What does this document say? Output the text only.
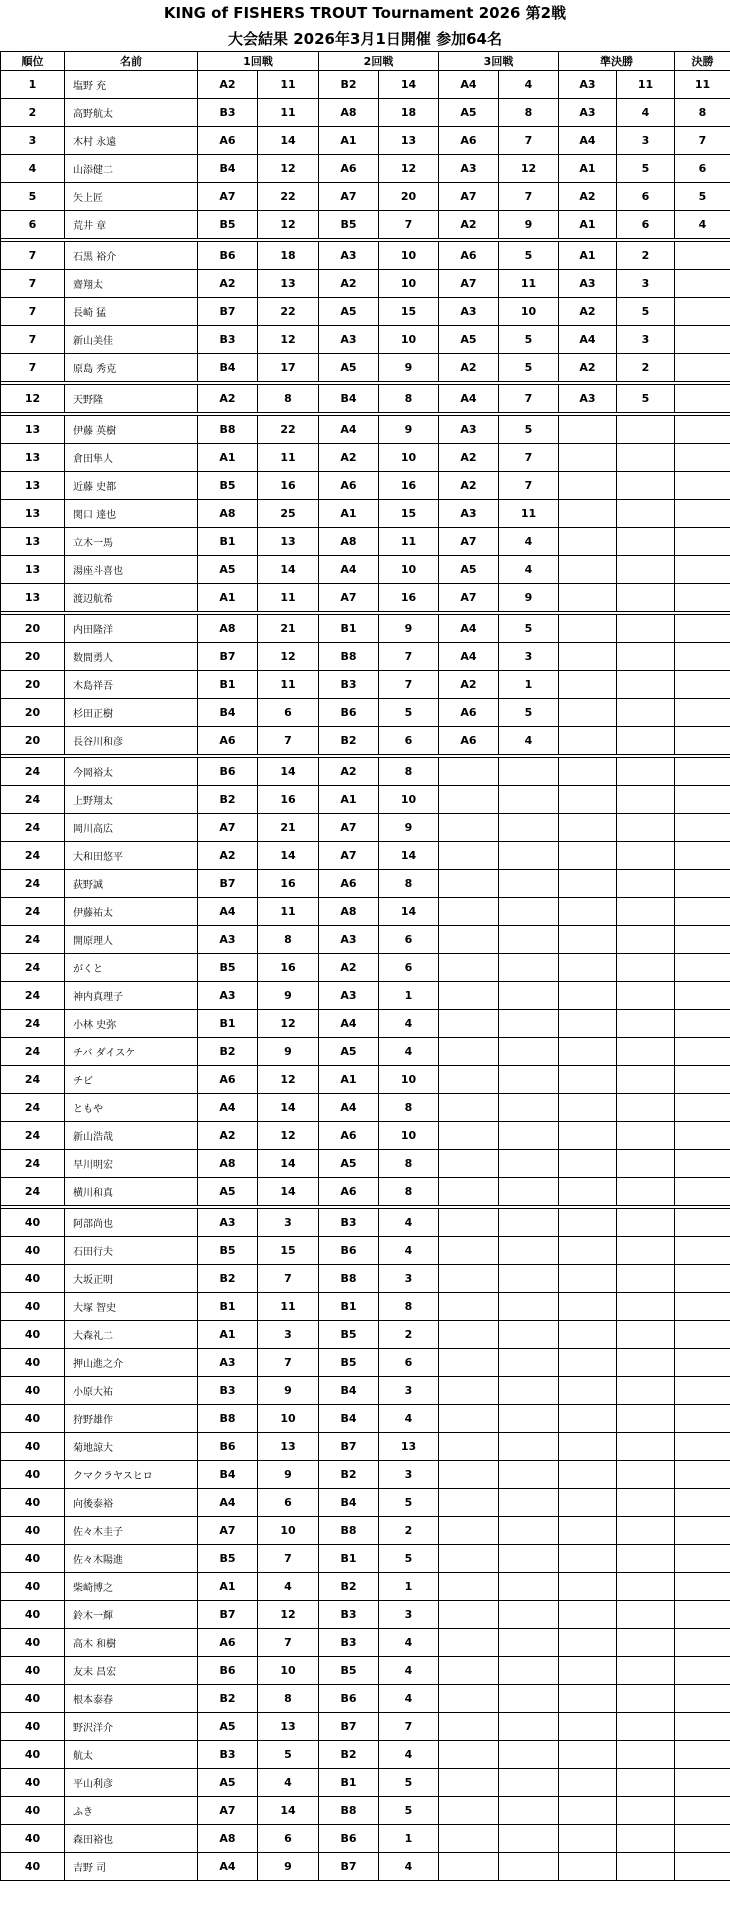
KING of FISHERS TROUT Tournament 2026 第2戦
大会結果 2026年3月1日開催 参加64名
順位	名前	1回戦		2回戦		3回戦		準決勝		決勝
1	塩野 充	A2	11	B2	14	A4	4	A3	11	11
2	高野航太	B3	11	A8	18	A5	8	A3	4	8
3	木村 永遠	A6	14	A1	13	A6	7	A4	3	7
4	山添健二	B4	12	A6	12	A3	12	A1	5	6
5	矢上匠	A7	22	A7	20	A7	7	A2	6	5
6	荒井 章	B5	12	B5	7	A2	9	A1	6	4

7	石黒 裕介	B6	18	A3	10	A6	5	A1	2	
7	齋翔太	A2	13	A2	10	A7	11	A3	3	
7	長崎 猛	B7	22	A5	15	A3	10	A2	5	
7	新山美佳	B3	12	A3	10	A5	5	A4	3	
7	原島 秀克	B4	17	A5	9	A2	5	A2	2	

12	天野隆	A2	8	B4	8	A4	7	A3	5	

13	伊藤 英樹	B8	22	A4	9	A3	5			
13	倉田隼人	A1	11	A2	10	A2	7			
13	近藤 史都	B5	16	A6	16	A2	7			
13	関口 達也	A8	25	A1	15	A3	11			
13	立木一馬	B1	13	A8	11	A7	4			
13	湯座斗喜也	A5	14	A4	10	A5	4			
13	渡辺航希	A1	11	A7	16	A7	9			

20	内田隆洋	A8	21	B1	9	A4	5			
20	数間勇人	B7	12	B8	7	A4	3			
20	木島祥吾	B1	11	B3	7	A2	1			
20	杉田正樹	B4	6	B6	5	A6	5			
20	長谷川和彦	A6	7	B2	6	A6	4			

24	今岡裕太	B6	14	A2	8					
24	上野翔太	B2	16	A1	10					
24	岡川高広	A7	21	A7	9					
24	大和田悠平	A2	14	A7	14					
24	荻野誠	B7	16	A6	8					
24	伊藤祐太	A4	11	A8	14					
24	開原理人	A3	8	A3	6					
24	がくと	B5	16	A2	6					
24	神内真理子	A3	9	A3	1					
24	小林 史弥	B1	12	A4	4					
24	チバ ダイスケ	B2	9	A5	4					
24	チビ	A6	12	A1	10					
24	ともや	A4	14	A4	8					
24	新山浩哉	A2	12	A6	10					
24	早川明宏	A8	14	A5	8					
24	横川和真	A5	14	A6	8					

40	阿部尚也	A3	3	B3	4					
40	石田行夫	B5	15	B6	4					
40	大坂正明	B2	7	B8	3					
40	大塚 智史	B1	11	B1	8					
40	大森礼二	A1	3	B5	2					
40	押山進之介	A3	7	B5	6					
40	小原大祐	B3	9	B4	3					
40	狩野雄作	B8	10	B4	4					
40	菊地諒大	B6	13	B7	13					
40	クマクラヤスヒロ	B4	9	B2	3					
40	向後泰裕	A4	6	B4	5					
40	佐々木圭子	A7	10	B8	2					
40	佐々木陽進	B5	7	B1	5					
40	柴崎博之	A1	4	B2	1					
40	鈴木一輝	B7	12	B3	3					
40	高木 和樹	A6	7	B3	4					
40	友末 昌宏	B6	10	B5	4					
40	根本泰春	B2	8	B6	4					
40	野沢洋介	A5	13	B7	7					
40	航太	B3	5	B2	4					
40	平山利彦	A5	4	B1	5					
40	ふき	A7	14	B8	5					
40	森田裕也	A8	6	B6	1					
40	吉野 司	A4	9	B7	4					
